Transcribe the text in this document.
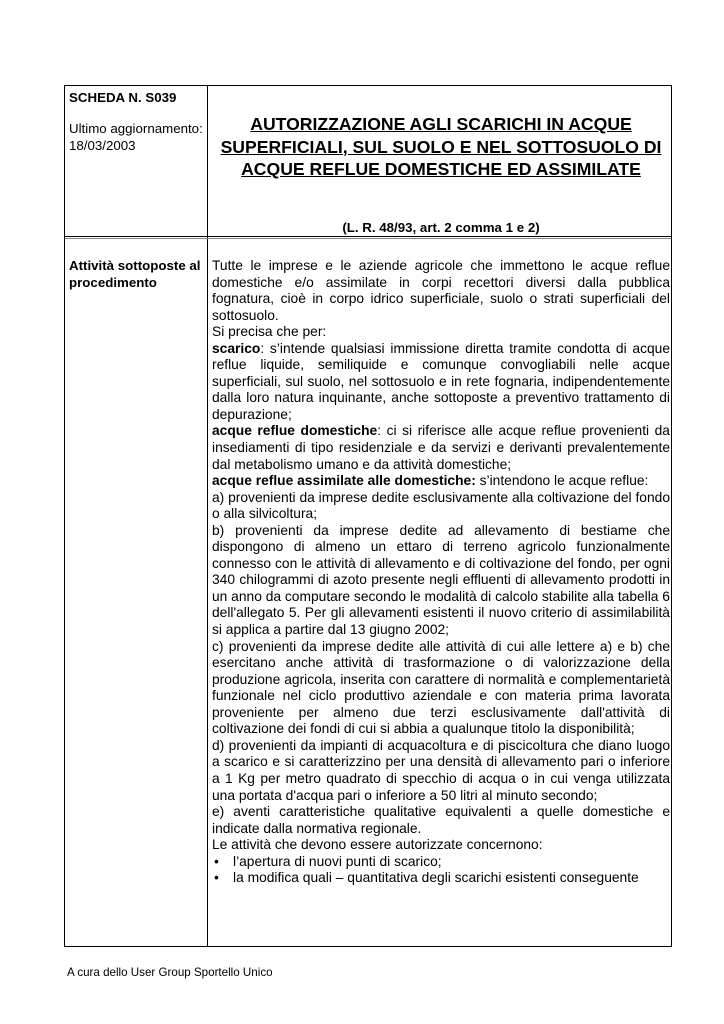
SCHEDA N. S039
Ultimo aggiornamento:
18/03/2003
AUTORIZZAZIONE AGLI SCARICHI IN ACQUE SUPERFICIALI, SUL SUOLO E NEL SOTTOSUOLO DI ACQUE REFLUE DOMESTICHE ED ASSIMILATE
(L. R. 48/93, art. 2 comma 1 e 2)
Attività sottoposte al procedimento

Tutte le imprese e le aziende agricole che immettono le acque reflue domestiche e/o assimilate in corpi recettori diversi dalla pubblica fognatura, cioè in corpo idrico superficiale, suolo o strati superficiali del sottosuolo.

Si precisa che per:

scarico: s’intende qualsiasi immissione diretta tramite condotta di acque reflue liquide, semiliquide e comunque convogliabili nelle acque superficiali, sul suolo, nel sottosuolo e in rete fognaria, indipendentemente dalla loro natura inquinante, anche sottoposte a preventivo trattamento di depurazione;

acque reflue domestiche: ci si riferisce alle acque reflue provenienti da insediamenti di tipo residenziale e da servizi e derivanti prevalentemente dal metabolismo umano e da attività domestiche;

acque reflue assimilate alle domestiche: s’intendono le acque reflue:

a) provenienti da imprese dedite esclusivamente alla coltivazione del fondo o alla silvicoltura;

b) provenienti da imprese dedite ad allevamento di bestiame che dispongono di almeno un ettaro di terreno agricolo funzionalmente connesso con le attività di allevamento e di coltivazione del fondo, per ogni 340 chilogrammi di azoto presente negli effluenti di allevamento prodotti in un anno da computare secondo le modalità di calcolo stabilite alla tabella 6 dell'allegato 5. Per gli allevamenti esistenti il nuovo criterio di assimilabilità si applica a partire dal 13 giugno 2002;

c) provenienti da imprese dedite alle attività di cui alle lettere a) e b) che esercitano anche attività di trasformazione o di valorizzazione della produzione agricola, inserita con carattere di normalità e complementarietà funzionale nel ciclo produttivo aziendale e con materia prima lavorata proveniente per almeno due terzi esclusivamente dall'attività di coltivazione dei fondi di cui si abbia a qualunque titolo la disponibilità;

d) provenienti da impianti di acquacoltura e di piscicoltura che diano luogo a scarico e si caratterizzino per una densità di allevamento pari o inferiore a 1 Kg per metro quadrato di specchio di acqua o in cui venga utilizzata una portata d'acqua pari o inferiore a 50 litri al minuto secondo;

e) aventi caratteristiche qualitative equivalenti a quelle domestiche e indicate dalla normativa regionale.

Le attività che devono essere autorizzate concernono:

• l’apertura di nuovi punti di scarico;

• la modifica quali – quantitativa degli scarichi esistenti conseguente

A cura dello User Group Sportello Unico
